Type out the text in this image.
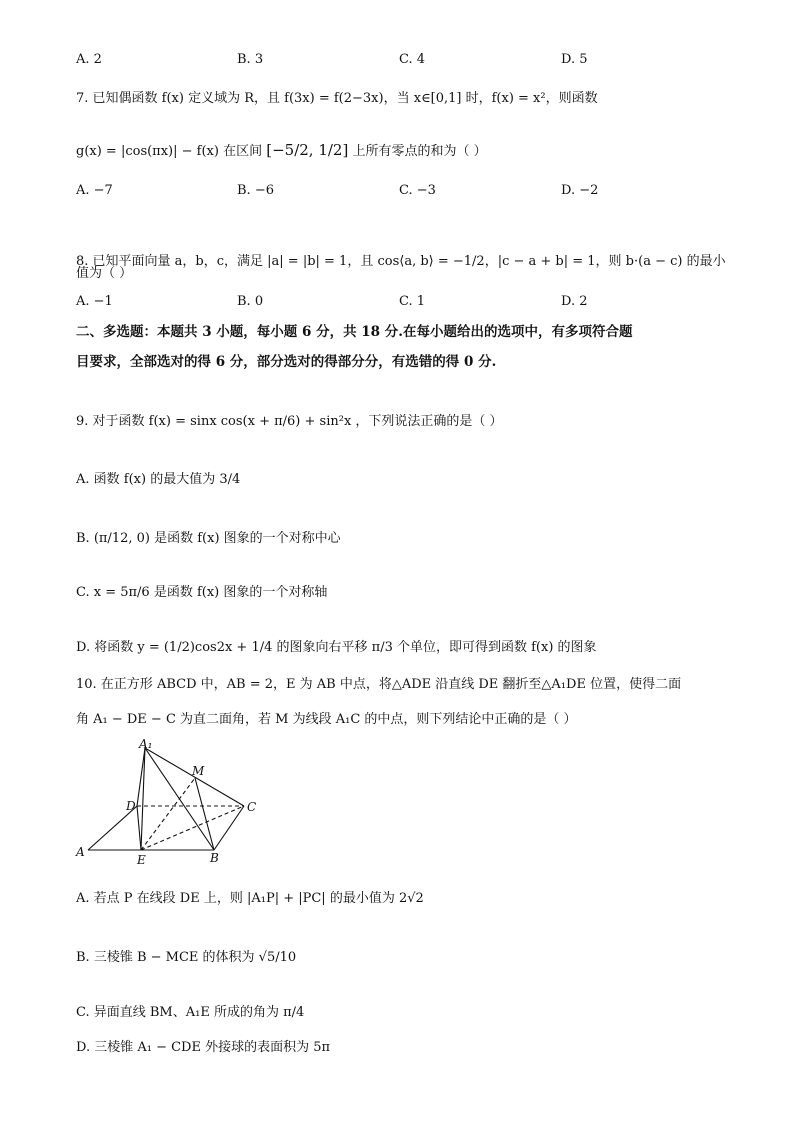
A. 2	B. 3	C. 4	D. 5
7. 已知偶函数 f(x) 定义域为 R，且 f(3x) = f(2−3x)，当 x∈[0,1] 时，f(x) = x²，则函数
g(x) = |cos(πx)| − f(x) 在区间 [−5/2, 1/2] 上所有零点的和为（ ）
A. −7	B. −6	C. −3	D. −2
8. 已知平面向量 a，b，c，满足 |a| = |b| = 1，且 cos⟨a, b⟩ = −1/2，|c − a + b| = 1，则 b·(a − c) 的最小
值为（ ）
A. −1	B. 0	C. 1	D. 2
二、多选题：本题共 3 小题，每小题 6 分，共 18 分.在每小题给出的选项中，有多项符合题
目要求，全部选对的得 6 分，部分选对的得部分分，有选错的得 0 分.
9. 对于函数 f(x) = sinx cos(x + π/6) + sin²x ，下列说法正确的是（ ）
A. 函数 f(x) 的最大值为 3/4
B. (π/12, 0) 是函数 f(x) 图象的一个对称中心
C. x = 5π/6 是函数 f(x) 图象的一个对称轴
D. 将函数 y = (1/2)cos2x + 1/4 的图象向右平移 π/3 个单位，即可得到函数 f(x) 的图象
10. 在正方形 ABCD 中，AB = 2，E 为 AB 中点，将△ADE 沿直线 DE 翻折至△A₁DE 位置，使得二面
角 A₁ − DE − C 为直二面角，若 M 为线段 A₁C 的中点，则下列结论中正确的是（ ）
A₁
M
D	C
A
E	B
A. 若点 P 在线段 DE 上，则 |A₁P| + |PC| 的最小值为 2√2
B. 三棱锥 B − MCE 的体积为 √5/10
C. 异面直线 BM、A₁E 所成的角为 π/4
D. 三棱锥 A₁ − CDE 外接球的表面积为 5π
